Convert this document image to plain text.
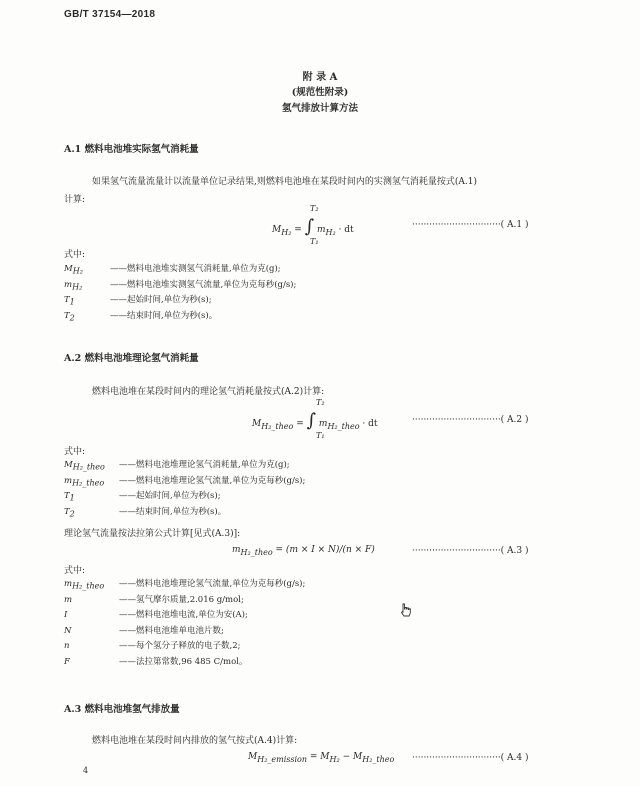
GB/T 37154—2018
附 录 A
(规范性附录)
氢气排放计算方法
A.1 燃料电池堆实际氢气消耗量
如果氢气流量流量计以流量单位记录结果,则燃料电池堆在某段时间内的实测氢气消耗量按式(A.1)
计算:
$M_{H_2}$ = ∫ $m_{H_2}$ · dt
T₂
T₁
·······························( A.1 )
式中:
$M_{H_2}$	——燃料电池堆实测氢气消耗量,单位为克(g);
$m_{H_2}$	——燃料电池堆实测氢气流量,单位为克每秒(g/s);
$T_1$	——起始时间,单位为秒(s);
$T_2$	——结束时间,单位为秒(s)。
A.2 燃料电池堆理论氢气消耗量
燃料电池堆在某段时间内的理论氢气消耗量按式(A.2)计算:
$M_{H_2\_theo}$ = ∫ $m_{H_2\_theo}$ · dt
T₂
T₁
·······························( A.2 )
式中:
$M_{H_2\_theo}$ ——燃料电池堆理论氢气消耗量,单位为克(g);
$m_{H_2\_theo}$ ——燃料电池堆理论氢气流量,单位为克每秒(g/s);
$T_1$	——起始时间,单位为秒(s);
$T_2$	——结束时间,单位为秒(s)。
理论氢气流量按法拉第公式计算[见式(A.3)]:
$m_{H_2\_theo} = (m \times I \times N)/(n \times F)$	·······························( A.3 )
式中:
$m_{H_2\_theo}$ ——燃料电池堆理论氢气流量,单位为克每秒(g/s);
m	——氢气摩尔质量,2.016 g/mol;
I	——燃料电池堆电流,单位为安(A);
N	——燃料电池堆单电池片数;
n	——每个氢分子释放的电子数,2;
F	——法拉第常数,96 485 C/mol。
A.3 燃料电池堆氢气排放量
燃料电池堆在某段时间内排放的氢气按式(A.4)计算:
$M_{H_2\_emission} = M_{H_2} - M_{H_2\_theo}$ ·······························( A.4 )
4
